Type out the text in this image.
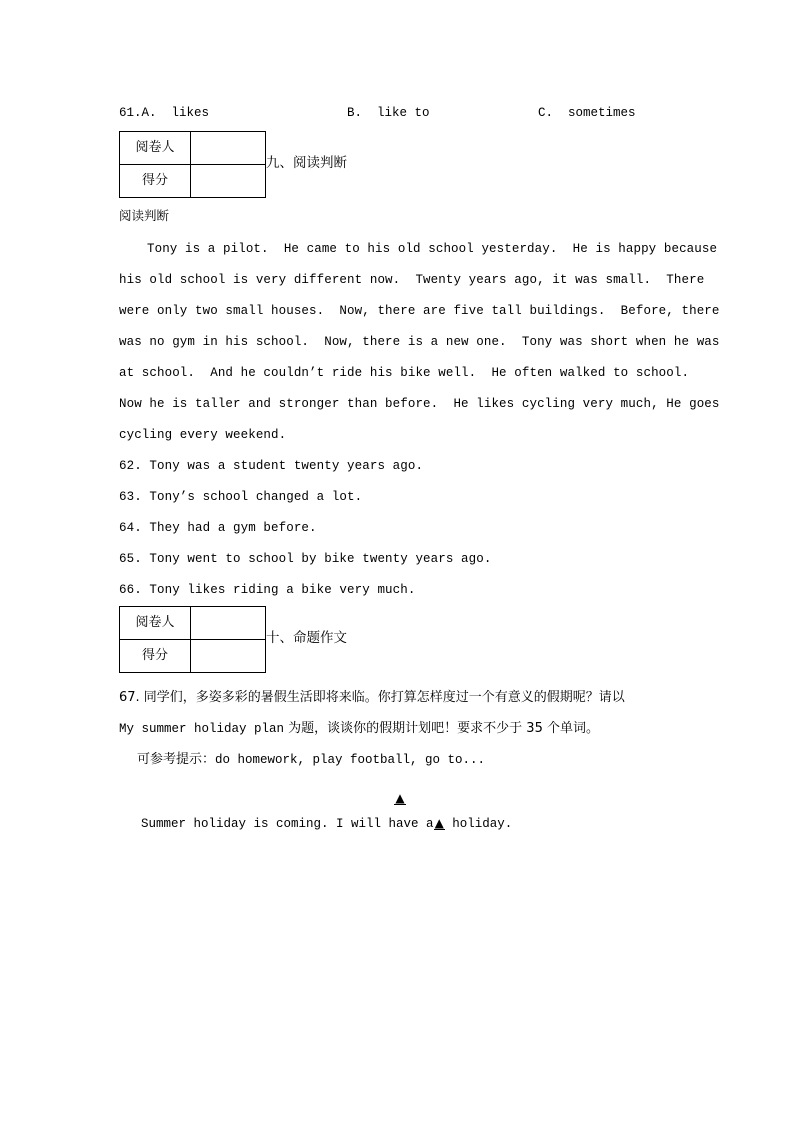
61.A.  likes	B.  like to	C.  sometimes
阅卷人	
得分	
九、阅读判断
阅读判断
Tony is a pilot.  He came to his old school yesterday.  He is happy because
his old school is very different now.  Twenty years ago, it was small.  There
were only two small houses.  Now, there are five tall buildings.  Before, there
was no gym in his school.  Now, there is a new one.  Tony was short when he was
at school.  And he couldn’t ride his bike well.  He often walked to school.
Now he is taller and stronger than before.  He likes cycling very much, He goes
cycling every weekend.
62. Tony was a student twenty years ago.
63. Tony’s school changed a lot.
64. They had a gym before.
65. Tony went to school by bike twenty years ago.
66. Tony likes riding a bike very much.
阅卷人	
得分	
十、命题作文
67. 同学们，多姿多彩的暑假生活即将来临。你打算怎样度过一个有意义的假期呢？请以
My summer holiday plan 为题，谈谈你的假期计划吧！要求不少于 35 个单词。
可参考提示：do homework, play football, go to...
▲
Summer holiday is coming. I will have a▲ holiday.
